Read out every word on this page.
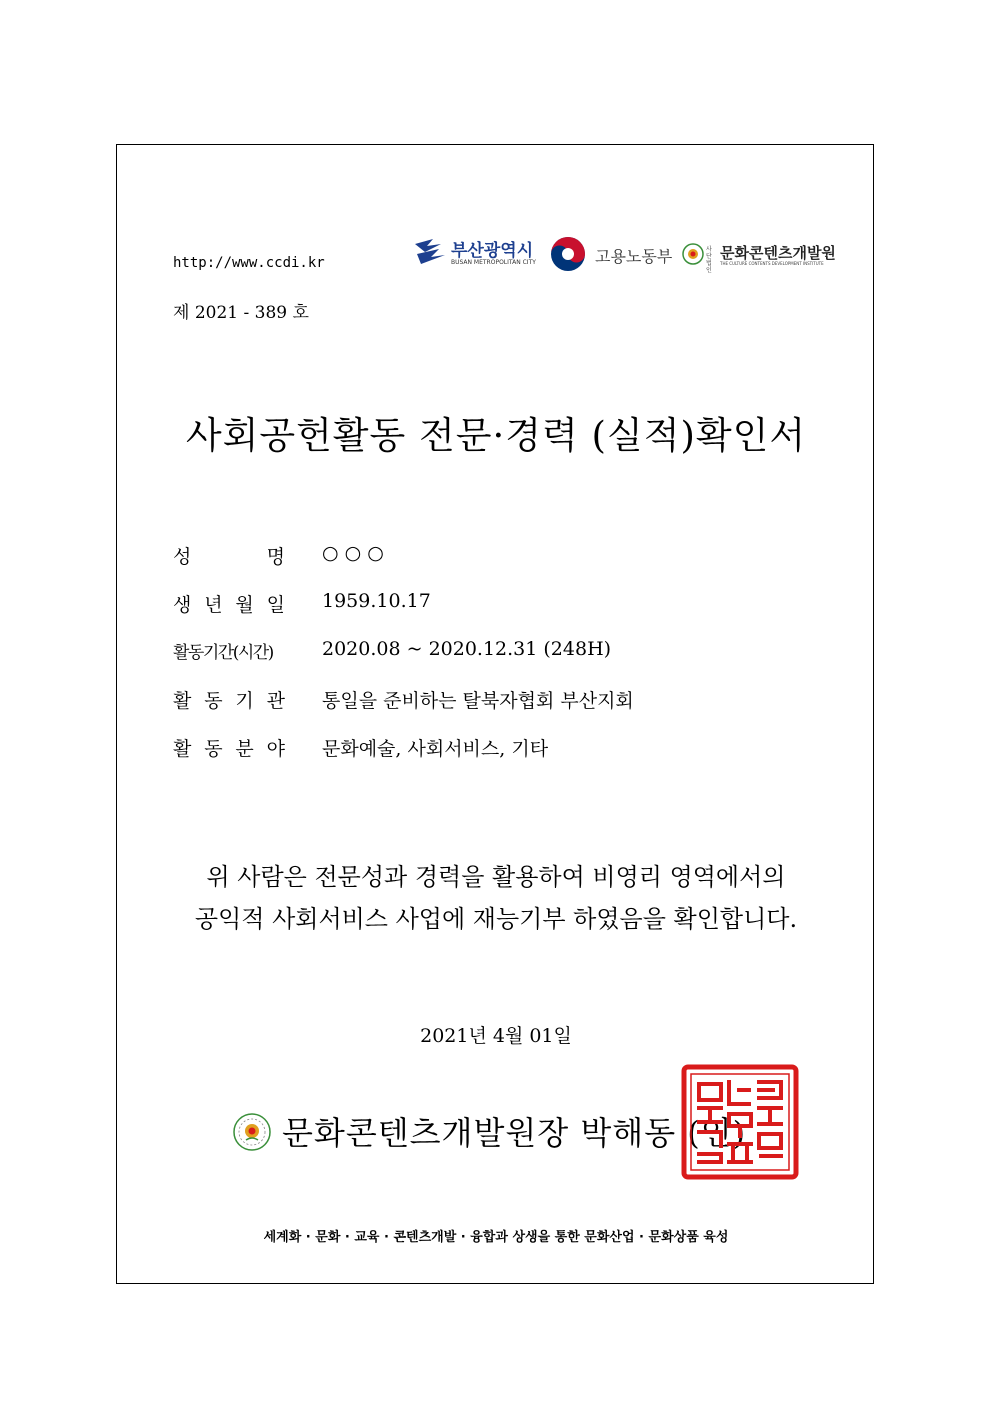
http://www.ccdi.kr
부산광역시
BUSAN METROPOLITAN CITY	고용노동부	사단법인
문화콘텐츠개발원
THE CULTURE CONTENTS DEVELOPMENT INSTITUTE
제 2021 - 389 호
사회공헌활동 전문·경력 (실적)확인서
성 명 ○ ○ ○
생 년 월 일 1959.10.17
활동기간(시간)	2020.08 ~ 2020.12.31 (248H)
활 동 기 관 통일을 준비하는 탈북자협회 부산지회
활 동 분 야 문화예술, 사회서비스, 기타
위 사람은 전문성과 경력을 활용하여 비영리 영역에서의
공익적 사회서비스 사업에 재능기부 하였음을 확인합니다.
2021년 4월 01일
문화콘텐츠개발원장 박해동 (인)
세계화 · 문화 · 교육 · 콘텐츠개발 · 융합과 상생을 통한 문화산업 · 문화상품 육성
